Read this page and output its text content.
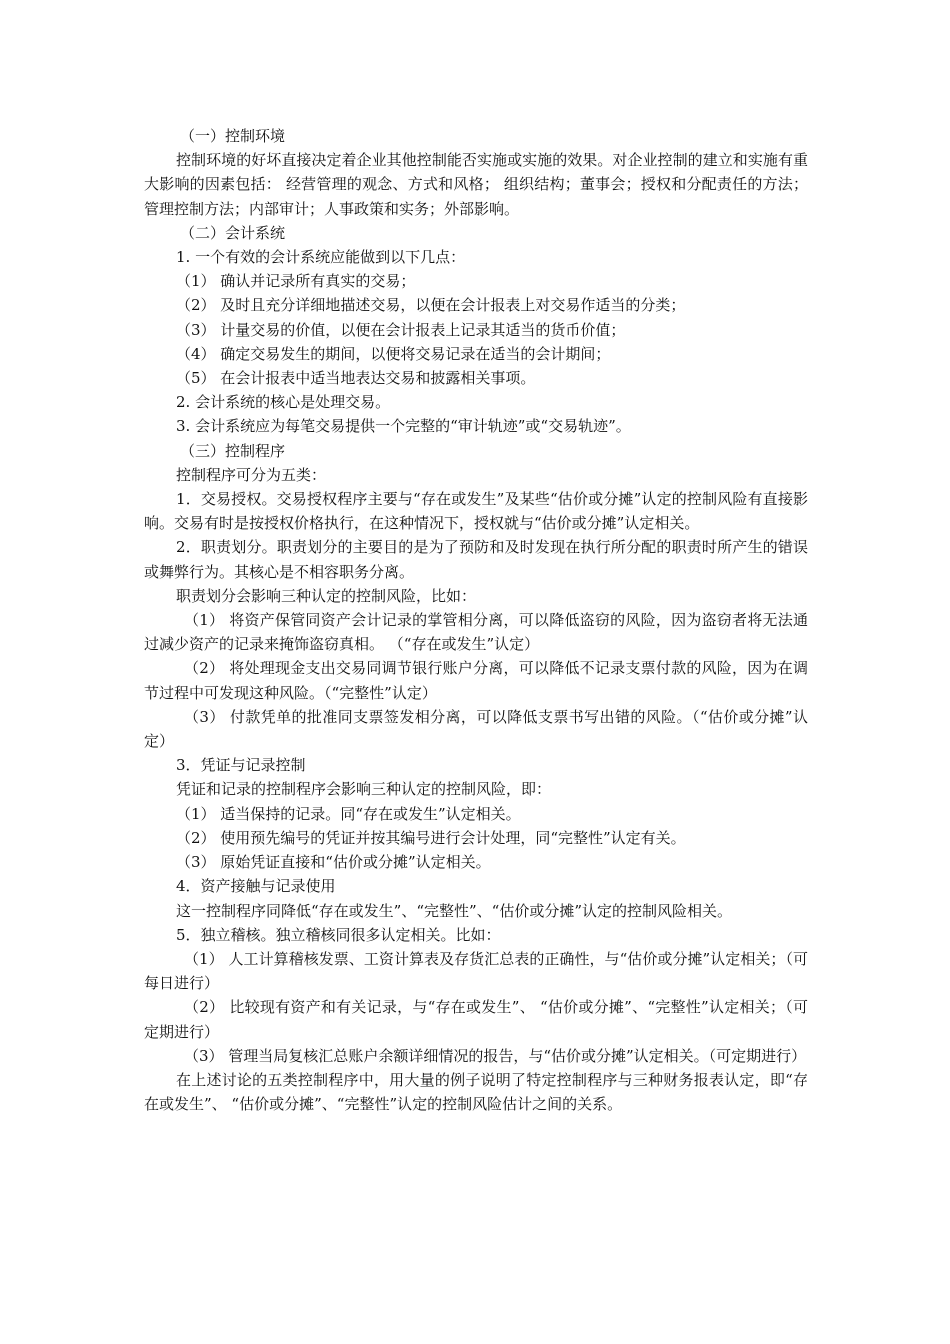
（一）控制环境

控制环境的好坏直接决定着企业其他控制能否实施或实施的效果。对企业控制的建立和实施有重大影响的因素包括： 经营管理的观念、方式和风格； 组织结构；董事会；授权和分配责任的方法；管理控制方法；内部审计；人事政策和实务；外部影响。

（二）会计系统

1. 一个有效的会计系统应能做到以下几点：

（1） 确认并记录所有真实的交易；

（2） 及时且充分详细地描述交易，以便在会计报表上对交易作适当的分类；

（3） 计量交易的价值，以便在会计报表上记录其适当的货币价值；

（4） 确定交易发生的期间，以便将交易记录在适当的会计期间；

（5） 在会计报表中适当地表达交易和披露相关事项。

2. 会计系统的核心是处理交易。

3. 会计系统应为每笔交易提供一个完整的“审计轨迹”或“交易轨迹”。

（三）控制程序

控制程序可分为五类：

1．交易授权。交易授权程序主要与“存在或发生”及某些“估价或分摊”认定的控制风险有直接影响。交易有时是按授权价格执行，在这种情况下，授权就与“估价或分摊”认定相关。

2．职责划分。职责划分的主要目的是为了预防和及时发现在执行所分配的职责时所产生的错误或舞弊行为。其核心是不相容职务分离。

职责划分会影响三种认定的控制风险，比如：

（1） 将资产保管同资产会计记录的掌管相分离，可以降低盗窃的风险，因为盗窃者将无法通过减少资产的记录来掩饰盗窃真相。 （“存在或发生”认定）

（2） 将处理现金支出交易同调节银行账户分离，可以降低不记录支票付款的风险，因为在调节过程中可发现这种风险。（“完整性”认定）

（3） 付款凭单的批准同支票签发相分离，可以降低支票书写出错的风险。（“估价或分摊”认定）

3．凭证与记录控制

凭证和记录的控制程序会影响三种认定的控制风险，即：

（1） 适当保持的记录。同“存在或发生”认定相关。

（2） 使用预先编号的凭证并按其编号进行会计处理，同“完整性”认定有关。

（3） 原始凭证直接和“估价或分摊”认定相关。

4．资产接触与记录使用

这一控制程序同降低“存在或发生”、“完整性”、“估价或分摊”认定的控制风险相关。

5．独立稽核。独立稽核同很多认定相关。比如：

（1） 人工计算稽核发票、工资计算表及存货汇总表的正确性，与“估价或分摊”认定相关；（可每日进行）

（2） 比较现有资产和有关记录，与“存在或发生”、 “估价或分摊”、“完整性”认定相关；（可定期进行）

（3） 管理当局复核汇总账户余额详细情况的报告，与“估价或分摊”认定相关。（可定期进行）

在上述讨论的五类控制程序中，用大量的例子说明了特定控制程序与三种财务报表认定，即“存在或发生”、 “估价或分摊”、“完整性”认定的控制风险估计之间的关系。
